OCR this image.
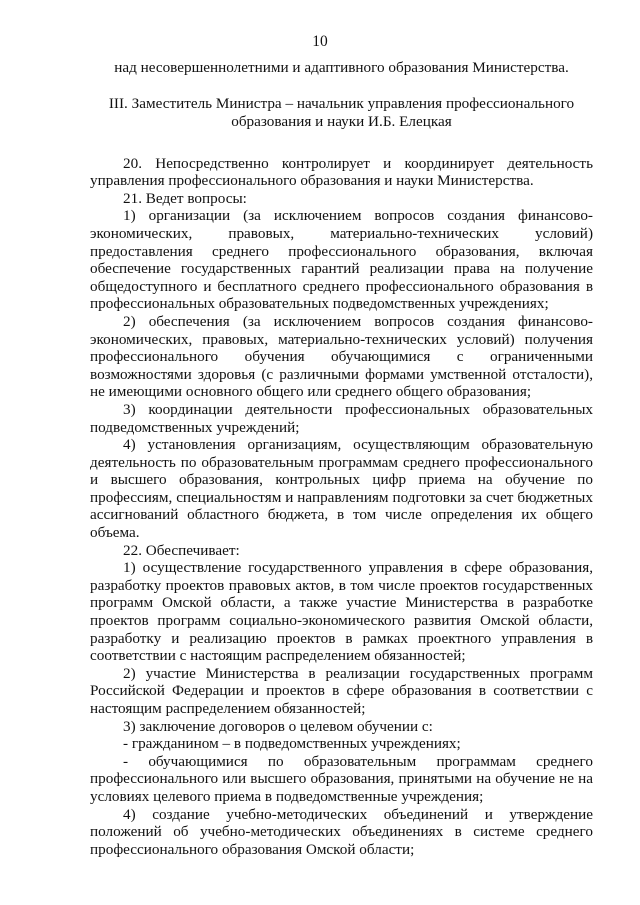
10

над несовершеннолетними и адаптивного образования Министерства.

III. Заместитель Министра – начальник управления профессионального
образования и науки И.Б. Елецкая

20. Непосредственно контролирует и координирует деятельность управления профессионального образования и науки Министерства.

21. Ведет вопросы:

1) организации (за исключением вопросов создания финансово-экономических, правовых, материально-технических условий) предоставления среднего профессионального образования, включая обеспечение государственных гарантий реализации права на получение общедоступного и бесплатного среднего профессионального образования в профессиональных образовательных подведомственных учреждениях;

2) обеспечения (за исключением вопросов создания финансово-экономических, правовых, материально-технических условий) получения профессионального обучения обучающимися с ограниченными возможностями здоровья (с различными формами умственной отсталости), не имеющими основного общего или среднего общего образования;

3) координации деятельности профессиональных образовательных подведомственных учреждений;

4) установления организациям, осуществляющим образовательную деятельность по образовательным программам среднего профессионального и высшего образования, контрольных цифр приема на обучение по профессиям, специальностям и направлениям подготовки за счет бюджетных ассигнований областного бюджета, в том числе определения их общего объема.

22. Обеспечивает:

1) осуществление государственного управления в сфере образования, разработку проектов правовых актов, в том числе проектов государственных программ Омской области, а также участие Министерства в разработке проектов программ социально-экономического развития Омской области, разработку и реализацию проектов в рамках проектного управления в соответствии с настоящим распределением обязанностей;

2) участие Министерства в реализации государственных программ Российской Федерации и проектов в сфере образования в соответствии с настоящим распределением обязанностей;

3) заключение договоров о целевом обучении с:

- гражданином – в подведомственных учреждениях;

- обучающимися по образовательным программам среднего профессионального или высшего образования, принятыми на обучение не на условиях целевого приема в подведомственные учреждения;

4) создание учебно-методических объединений и утверждение положений об учебно-методических объединениях в системе среднего профессионального образования Омской области;
